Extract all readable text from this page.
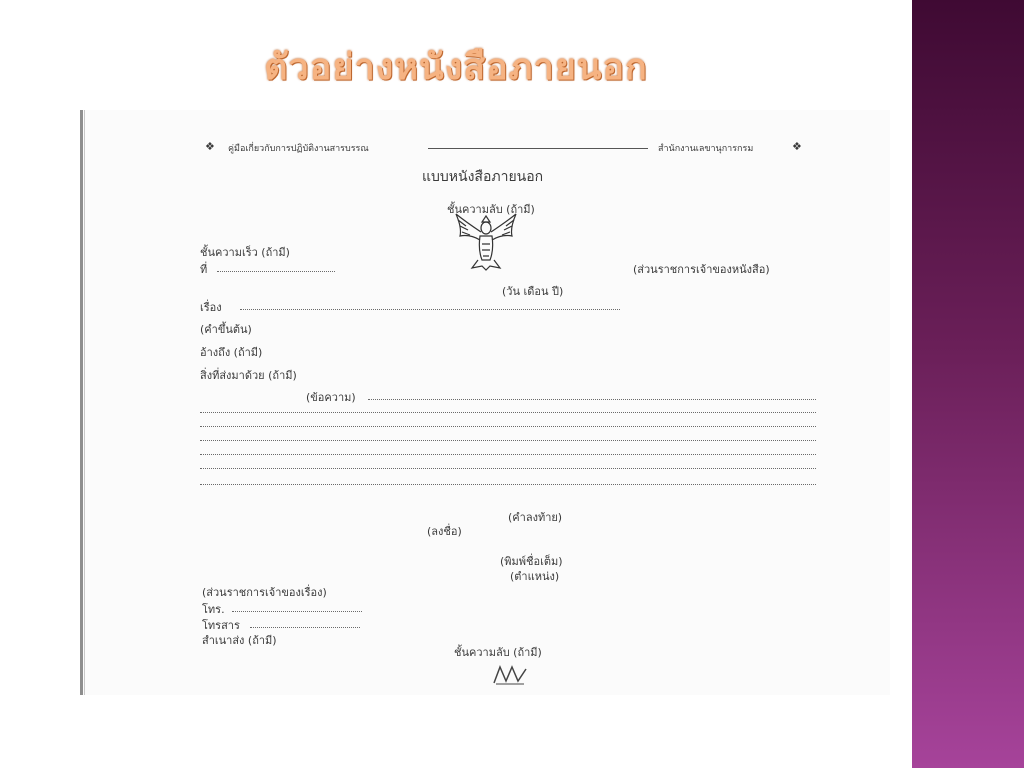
ตัวอย่างหนังสือภายนอก
❖ คู่มือเกี่ยวกับการปฏิบัติงานสารบรรณ	สำนักงานเลขานุการกรม	❖
แบบหนังสือภายนอก
ชั้นความลับ (ถ้ามี)
ชั้นความเร็ว (ถ้ามี)
ที่	(ส่วนราชการเจ้าของหนังสือ)
(วัน เดือน ปี)
เรื่อง
(คำขึ้นต้น)
อ้างถึง (ถ้ามี)
สิ่งที่ส่งมาด้วย (ถ้ามี)
(ข้อความ)
(คำลงท้าย)
(ลงชื่อ)
(พิมพ์ชื่อเต็ม)
(ตำแหน่ง)
(ส่วนราชการเจ้าของเรื่อง)
โทร.
โทรสาร
สำเนาส่ง (ถ้ามี)
ชั้นความลับ (ถ้ามี)
